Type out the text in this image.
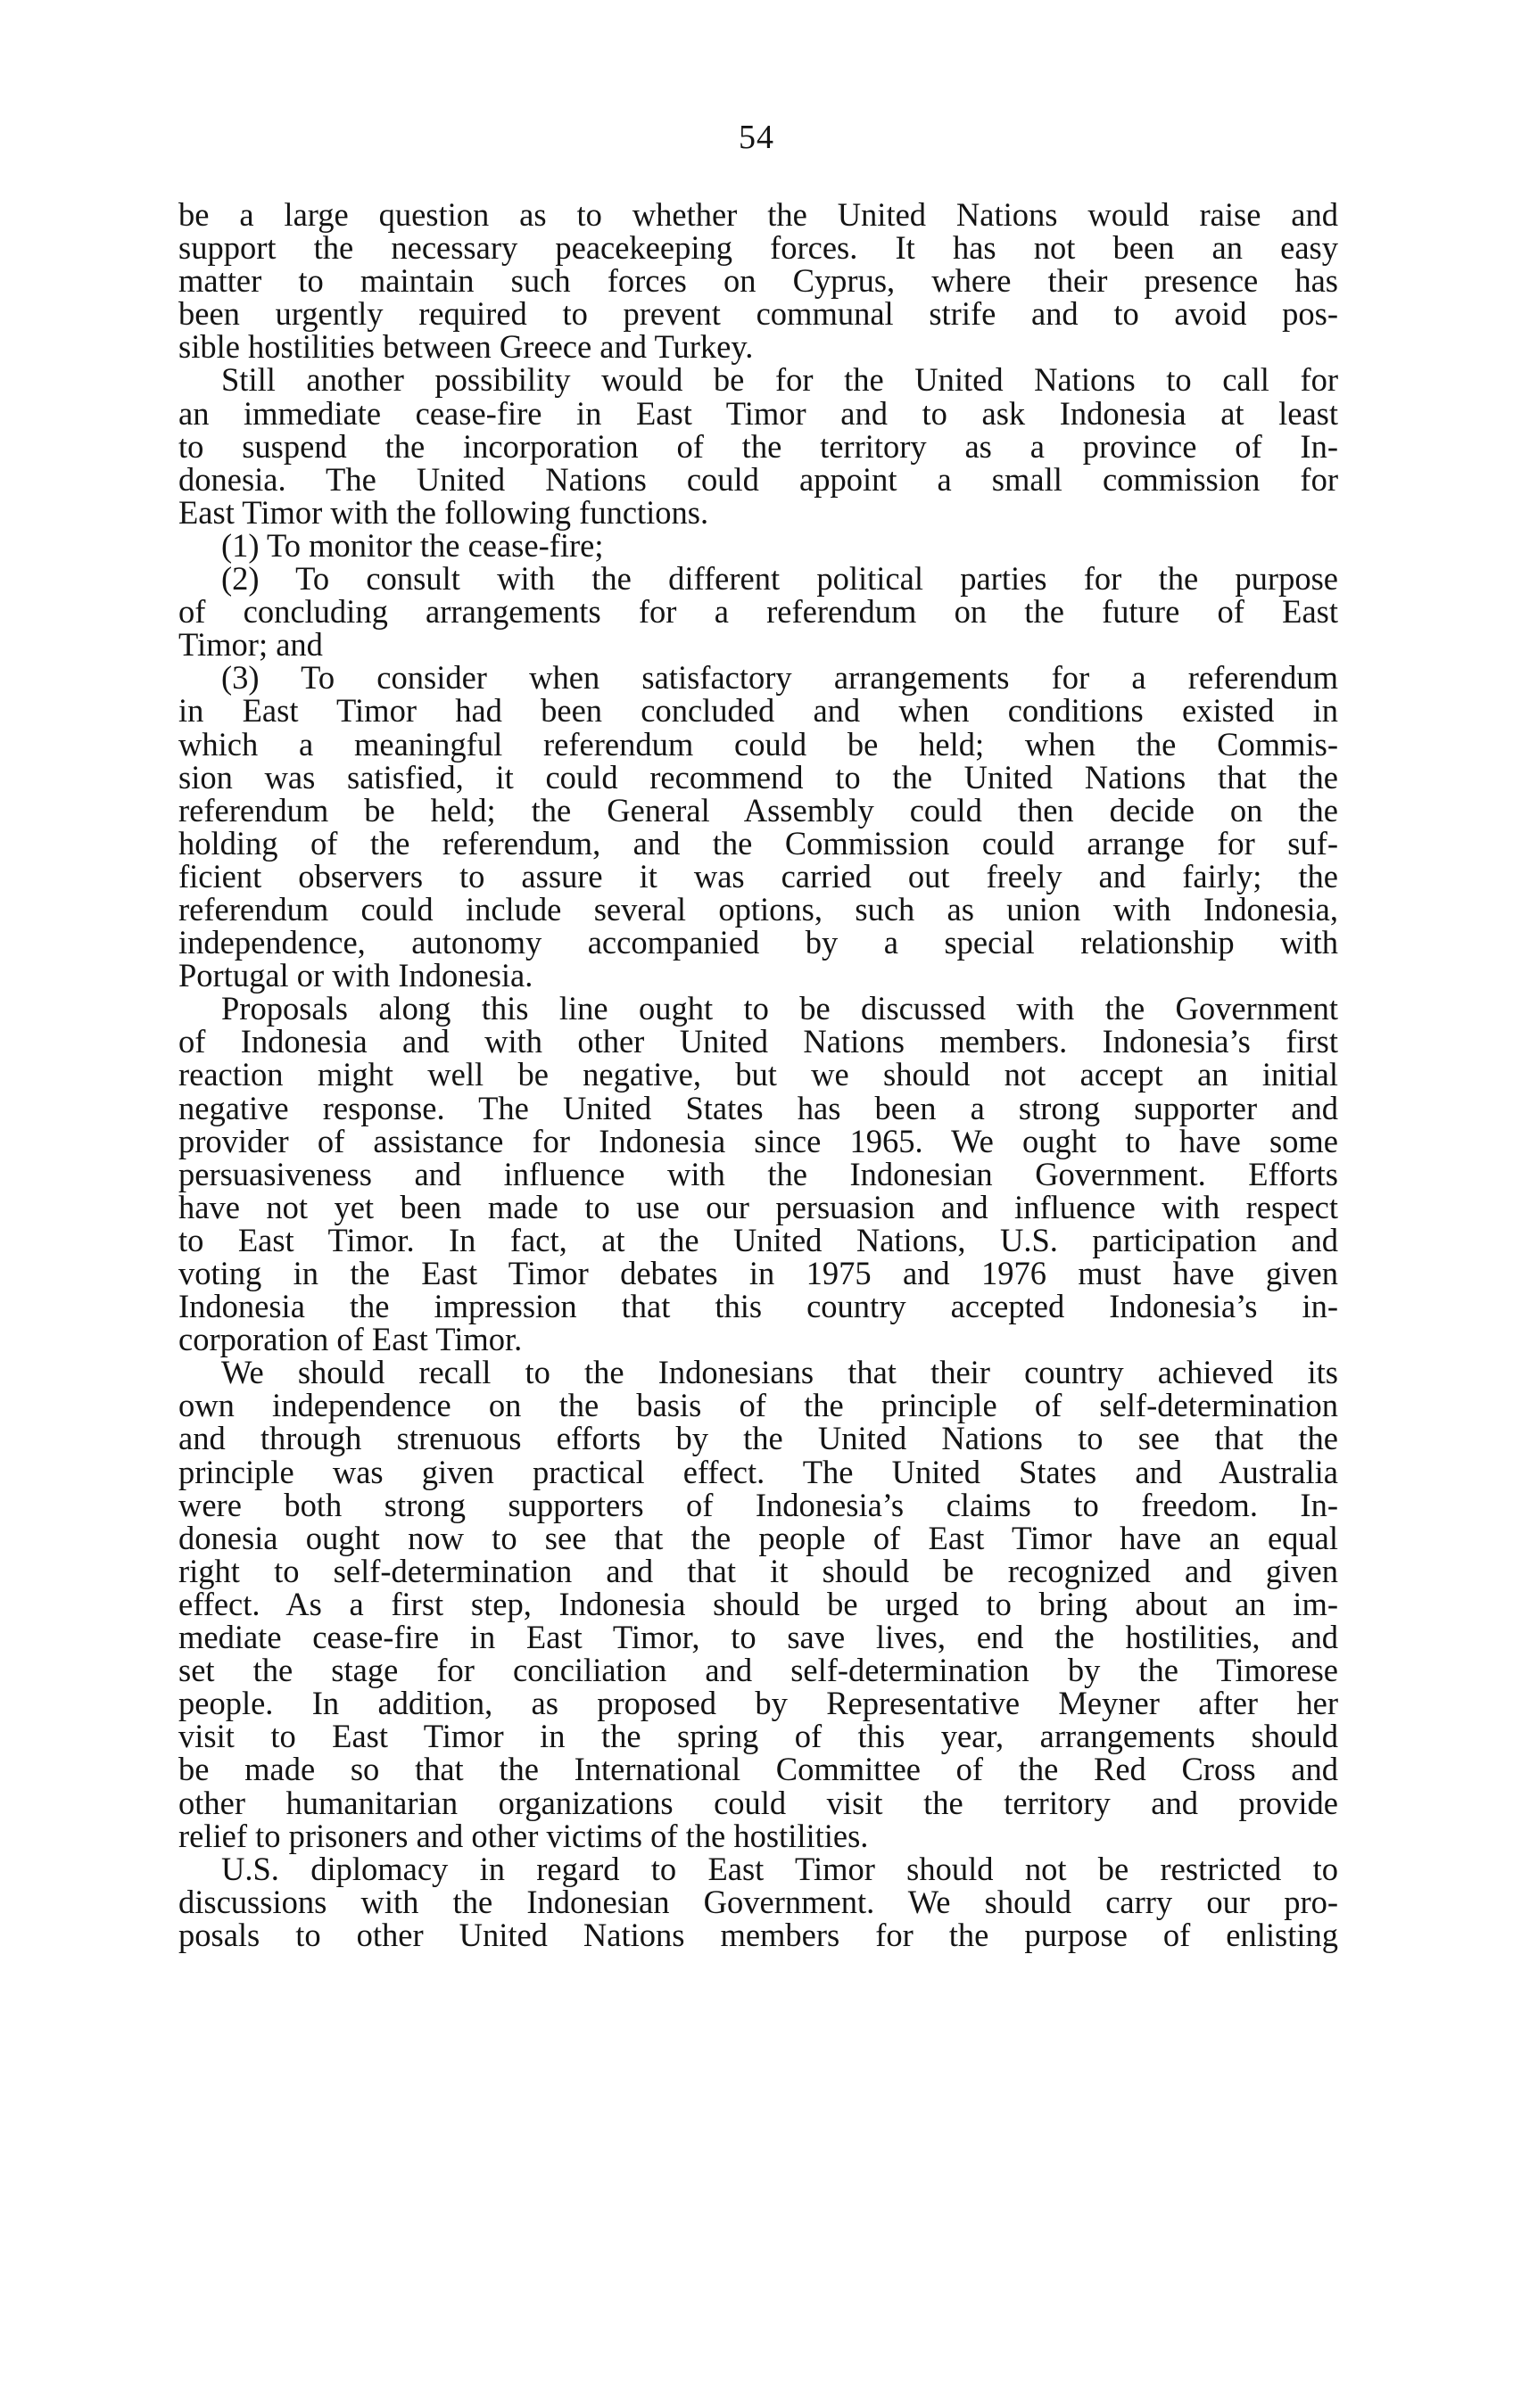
54
be a large question as to whether the United Nations would raise and
support the necessary peacekeeping forces. It has not been an easy
matter to maintain such forces on Cyprus, where their presence has
been urgently required to prevent communal strife and to avoid pos-
sible hostilities between Greece and Turkey.
Still another possibility would be for the United Nations to call for
an immediate cease-fire in East Timor and to ask Indonesia at least
to suspend the incorporation of the territory as a province of In-
donesia. The United Nations could appoint a small commission for
East Timor with the following functions.
(1) To monitor the cease-fire;
(2) To consult with the different political parties for the purpose
of concluding arrangements for a referendum on the future of East
Timor; and
(3) To consider when satisfactory arrangements for a referendum
in East Timor had been concluded and when conditions existed in
which a meaningful referendum could be held; when the Commis-
sion was satisfied, it could recommend to the United Nations that the
referendum be held; the General Assembly could then decide on the
holding of the referendum, and the Commission could arrange for suf-
ficient observers to assure it was carried out freely and fairly; the
referendum could include several options, such as union with Indonesia,
independence, autonomy accompanied by a special relationship with
Portugal or with Indonesia.
Proposals along this line ought to be discussed with the Government
of Indonesia and with other United Nations members. Indonesia’s first
reaction might well be negative, but we should not accept an initial
negative response. The United States has been a strong supporter and
provider of assistance for Indonesia since 1965. We ought to have some
persuasiveness and influence with the Indonesian Government. Efforts
have not yet been made to use our persuasion and influence with respect
to East Timor. In fact, at the United Nations, U.S. participation and
voting in the East Timor debates in 1975 and 1976 must have given
Indonesia the impression that this country accepted Indonesia’s in-
corporation of East Timor.
We should recall to the Indonesians that their country achieved its
own independence on the basis of the principle of self-determination
and through strenuous efforts by the United Nations to see that the
principle was given practical effect. The United States and Australia
were both strong supporters of Indonesia’s claims to freedom. In-
donesia ought now to see that the people of East Timor have an equal
right to self-determination and that it should be recognized and given
effect. As a first step, Indonesia should be urged to bring about an im-
mediate cease-fire in East Timor, to save lives, end the hostilities, and
set the stage for conciliation and self-determination by the Timorese
people. In addition, as proposed by Representative Meyner after her
visit to East Timor in the spring of this year, arrangements should
be made so that the International Committee of the Red Cross and
other humanitarian organizations could visit the territory and provide
relief to prisoners and other victims of the hostilities.
U.S. diplomacy in regard to East Timor should not be restricted to
discussions with the Indonesian Government. We should carry our pro-
posals to other United Nations members for the purpose of enlisting
